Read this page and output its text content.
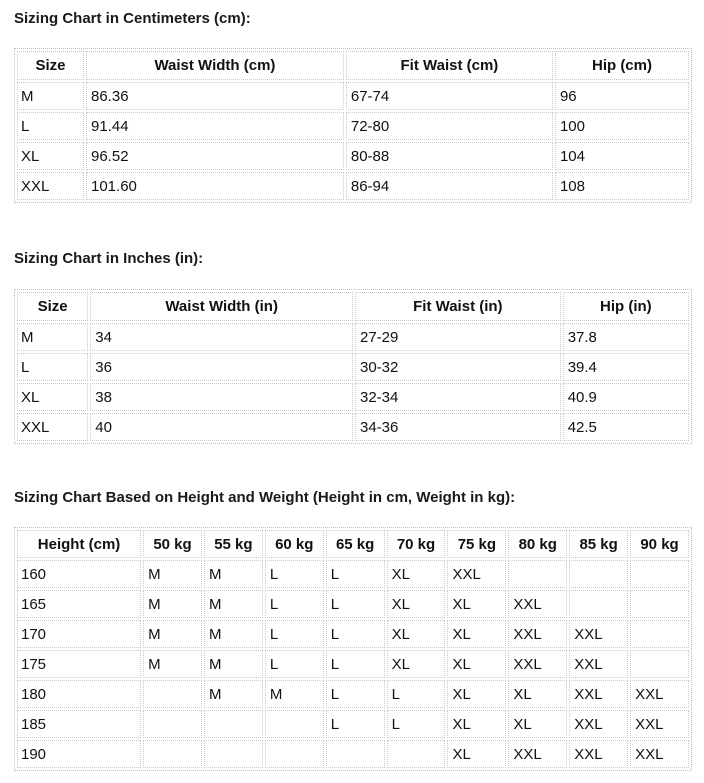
Sizing Chart in Centimeters (cm):
Size	Waist Width (cm)	Fit Waist (cm)	Hip (cm)
M	86.36	67-74	96
L	91.44	72-80	100
XL	96.52	80-88	104
XXL	101.60	86-94	108
Sizing Chart in Inches (in):
Size	Waist Width (in)	Fit Waist (in)	Hip (in)
M	34	27-29	37.8
L	36	30-32	39.4
XL	38	32-34	40.9
XXL	40	34-36	42.5
Sizing Chart Based on Height and Weight (Height in cm, Weight in kg):
Height (cm)	50 kg	55 kg	60 kg	65 kg	70 kg	75 kg	80 kg	85 kg	90 kg
160	M	M	L	L	XL	XXL			
165	M	M	L	L	XL	XL	XXL		
170	M	M	L	L	XL	XL	XXL	XXL	
175	M	M	L	L	XL	XL	XXL	XXL	
180		M	M	L	L	XL	XL	XXL	XXL
185				L	L	XL	XL	XXL	XXL
190						XL	XXL	XXL	XXL
